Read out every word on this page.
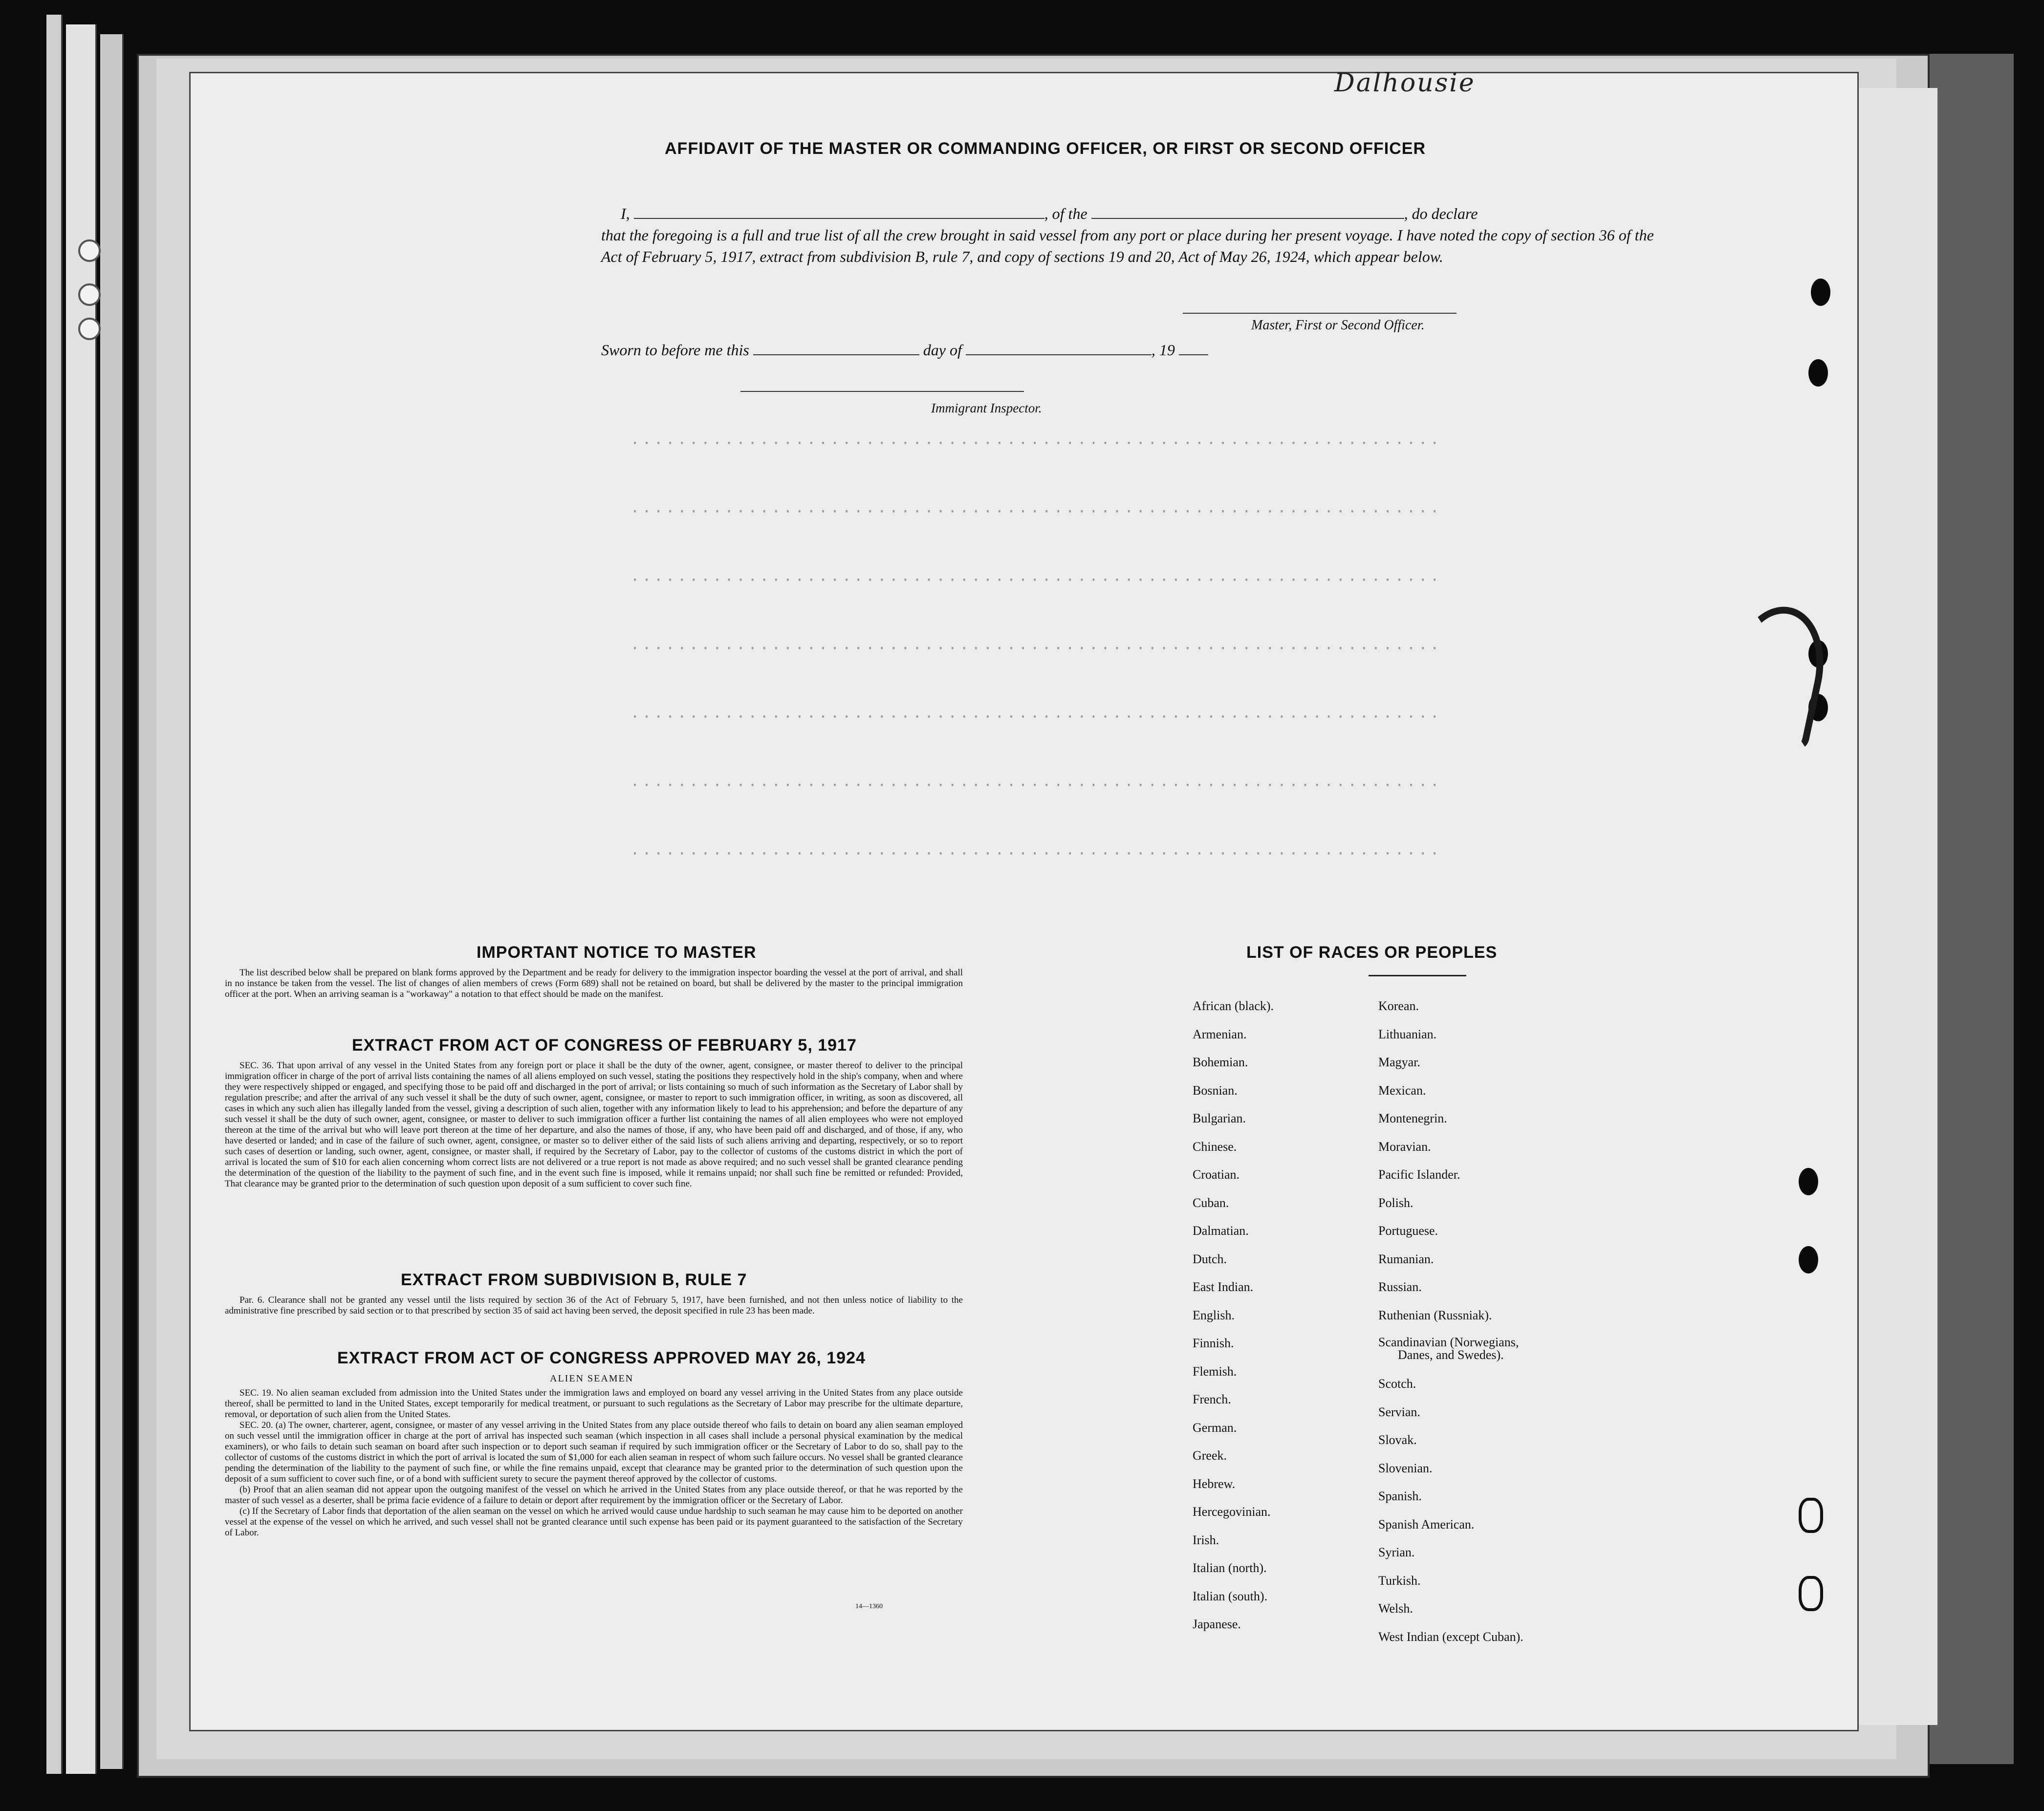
Dalhousie
·····································································
·····································································
·····································································
·····································································
·····································································
·····································································
·····································································
AFFIDAVIT OF THE MASTER OR COMMANDING OFFICER, OR FIRST OR SECOND OFFICER
I,	, of the	, do declare
that the foregoing is a full and true list of all the crew brought in said vessel from any port or place during her present voyage. I have noted the copy of section 36 of the Act of February 5, 1917, extract from subdivision B, rule 7, and copy of sections 19 and 20, Act of May 26, 1924, which appear below.
Master, First or Second Officer.
Sworn to before me this	day of	, 19
Immigrant Inspector.
IMPORTANT NOTICE TO MASTER

The list described below shall be prepared on blank forms approved by the Department and be ready for delivery to the immigration inspector boarding the vessel at the port of arrival, and shall in no instance be taken from the vessel. The list of changes of alien members of crews (Form 689) shall not be retained on board, but shall be delivered by the master to the principal immigration officer at the port. When an arriving seaman is a "workaway" a notation to that effect should be made on the manifest.

EXTRACT FROM ACT OF CONGRESS OF FEBRUARY 5, 1917

SEC. 36. That upon arrival of any vessel in the United States from any foreign port or place it shall be the duty of the owner, agent, consignee, or master thereof to deliver to the principal immigration officer in charge of the port of arrival lists containing the names of all aliens employed on such vessel, stating the positions they respectively hold in the ship's company, when and where they were respectively shipped or engaged, and specifying those to be paid off and discharged in the port of arrival; or lists containing so much of such information as the Secretary of Labor shall by regulation prescribe; and after the arrival of any such vessel it shall be the duty of such owner, agent, consignee, or master to report to such immigration officer, in writing, as soon as discovered, all cases in which any such alien has illegally landed from the vessel, giving a description of such alien, together with any information likely to lead to his apprehension; and before the departure of any such vessel it shall be the duty of such owner, agent, consignee, or master to deliver to such immigration officer a further list containing the names of all alien employees who were not employed thereon at the time of the arrival but who will leave port thereon at the time of her departure, and also the names of those, if any, who have been paid off and discharged, and of those, if any, who have deserted or landed; and in case of the failure of such owner, agent, consignee, or master so to deliver either of the said lists of such aliens arriving and departing, respectively, or so to report such cases of desertion or landing, such owner, agent, consignee, or master shall, if required by the Secretary of Labor, pay to the collector of customs of the customs district in which the port of arrival is located the sum of $10 for each alien concerning whom correct lists are not delivered or a true report is not made as above required; and no such vessel shall be granted clearance pending the determination of the question of the liability to the payment of such fine, and in the event such fine is imposed, while it remains unpaid; nor shall such fine be remitted or refunded: Provided, That clearance may be granted prior to the determination of such question upon deposit of a sum sufficient to cover such fine.

EXTRACT FROM SUBDIVISION B, RULE 7

Par. 6. Clearance shall not be granted any vessel until the lists required by section 36 of the Act of February 5, 1917, have been furnished, and not then unless notice of liability to the administrative fine prescribed by said section or to that prescribed by section 35 of said act having been served, the deposit specified in rule 23 has been made.

EXTRACT FROM ACT OF CONGRESS APPROVED MAY 26, 1924
ALIEN SEAMEN

SEC. 19. No alien seaman excluded from admission into the United States under the immigration laws and employed on board any vessel arriving in the United States from any place outside thereof, shall be permitted to land in the United States, except temporarily for medical treatment, or pursuant to such regulations as the Secretary of Labor may prescribe for the ultimate departure, removal, or deportation of such alien from the United States.

SEC. 20. (a) The owner, charterer, agent, consignee, or master of any vessel arriving in the United States from any place outside thereof who fails to detain on board any alien seaman employed on such vessel until the immigration officer in charge at the port of arrival has inspected such seaman (which inspection in all cases shall include a personal physical examination by the medical examiners), or who fails to detain such seaman on board after such inspection or to deport such seaman if required by such immigration officer or the Secretary of Labor to do so, shall pay to the collector of customs of the customs district in which the port of arrival is located the sum of $1,000 for each alien seaman in respect of whom such failure occurs. No vessel shall be granted clearance pending the determination of the liability to the payment of such fine, or while the fine remains unpaid, except that clearance may be granted prior to the determination of such question upon the deposit of a sum sufficient to cover such fine, or of a bond with sufficient surety to secure the payment thereof approved by the collector of customs.

(b) Proof that an alien seaman did not appear upon the outgoing manifest of the vessel on which he arrived in the United States from any place outside thereof, or that he was reported by the master of such vessel as a deserter, shall be prima facie evidence of a failure to detain or deport after requirement by the immigration officer or the Secretary of Labor.

(c) If the Secretary of Labor finds that deportation of the alien seaman on the vessel on which he arrived would cause undue hardship to such seaman he may cause him to be deported on another vessel at the expense of the vessel on which he arrived, and such vessel shall not be granted clearance until such expense has been paid or its payment guaranteed to the satisfaction of the Secretary of Labor.

14—1360
LIST OF RACES OR PEOPLES
African (black).
Armenian.
Bohemian.
Bosnian.
Bulgarian.
Chinese.
Croatian.
Cuban.
Dalmatian.
Dutch.
East Indian.
English.
Finnish.
Flemish.
French.
German.
Greek.
Hebrew.
Hercegovinian.
Irish.
Italian (north).
Italian (south).
Japanese.
Korean.
Lithuanian.
Magyar.
Mexican.
Montenegrin.
Moravian.
Pacific Islander.
Polish.
Portuguese.
Rumanian.
Russian.
Ruthenian (Russniak).
Scandinavian (Norwegians,
Danes, and Swedes).
Scotch.
Servian.
Slovak.
Slovenian.
Spanish.
Spanish American.
Syrian.
Turkish.
Welsh.
West Indian (except Cuban).
